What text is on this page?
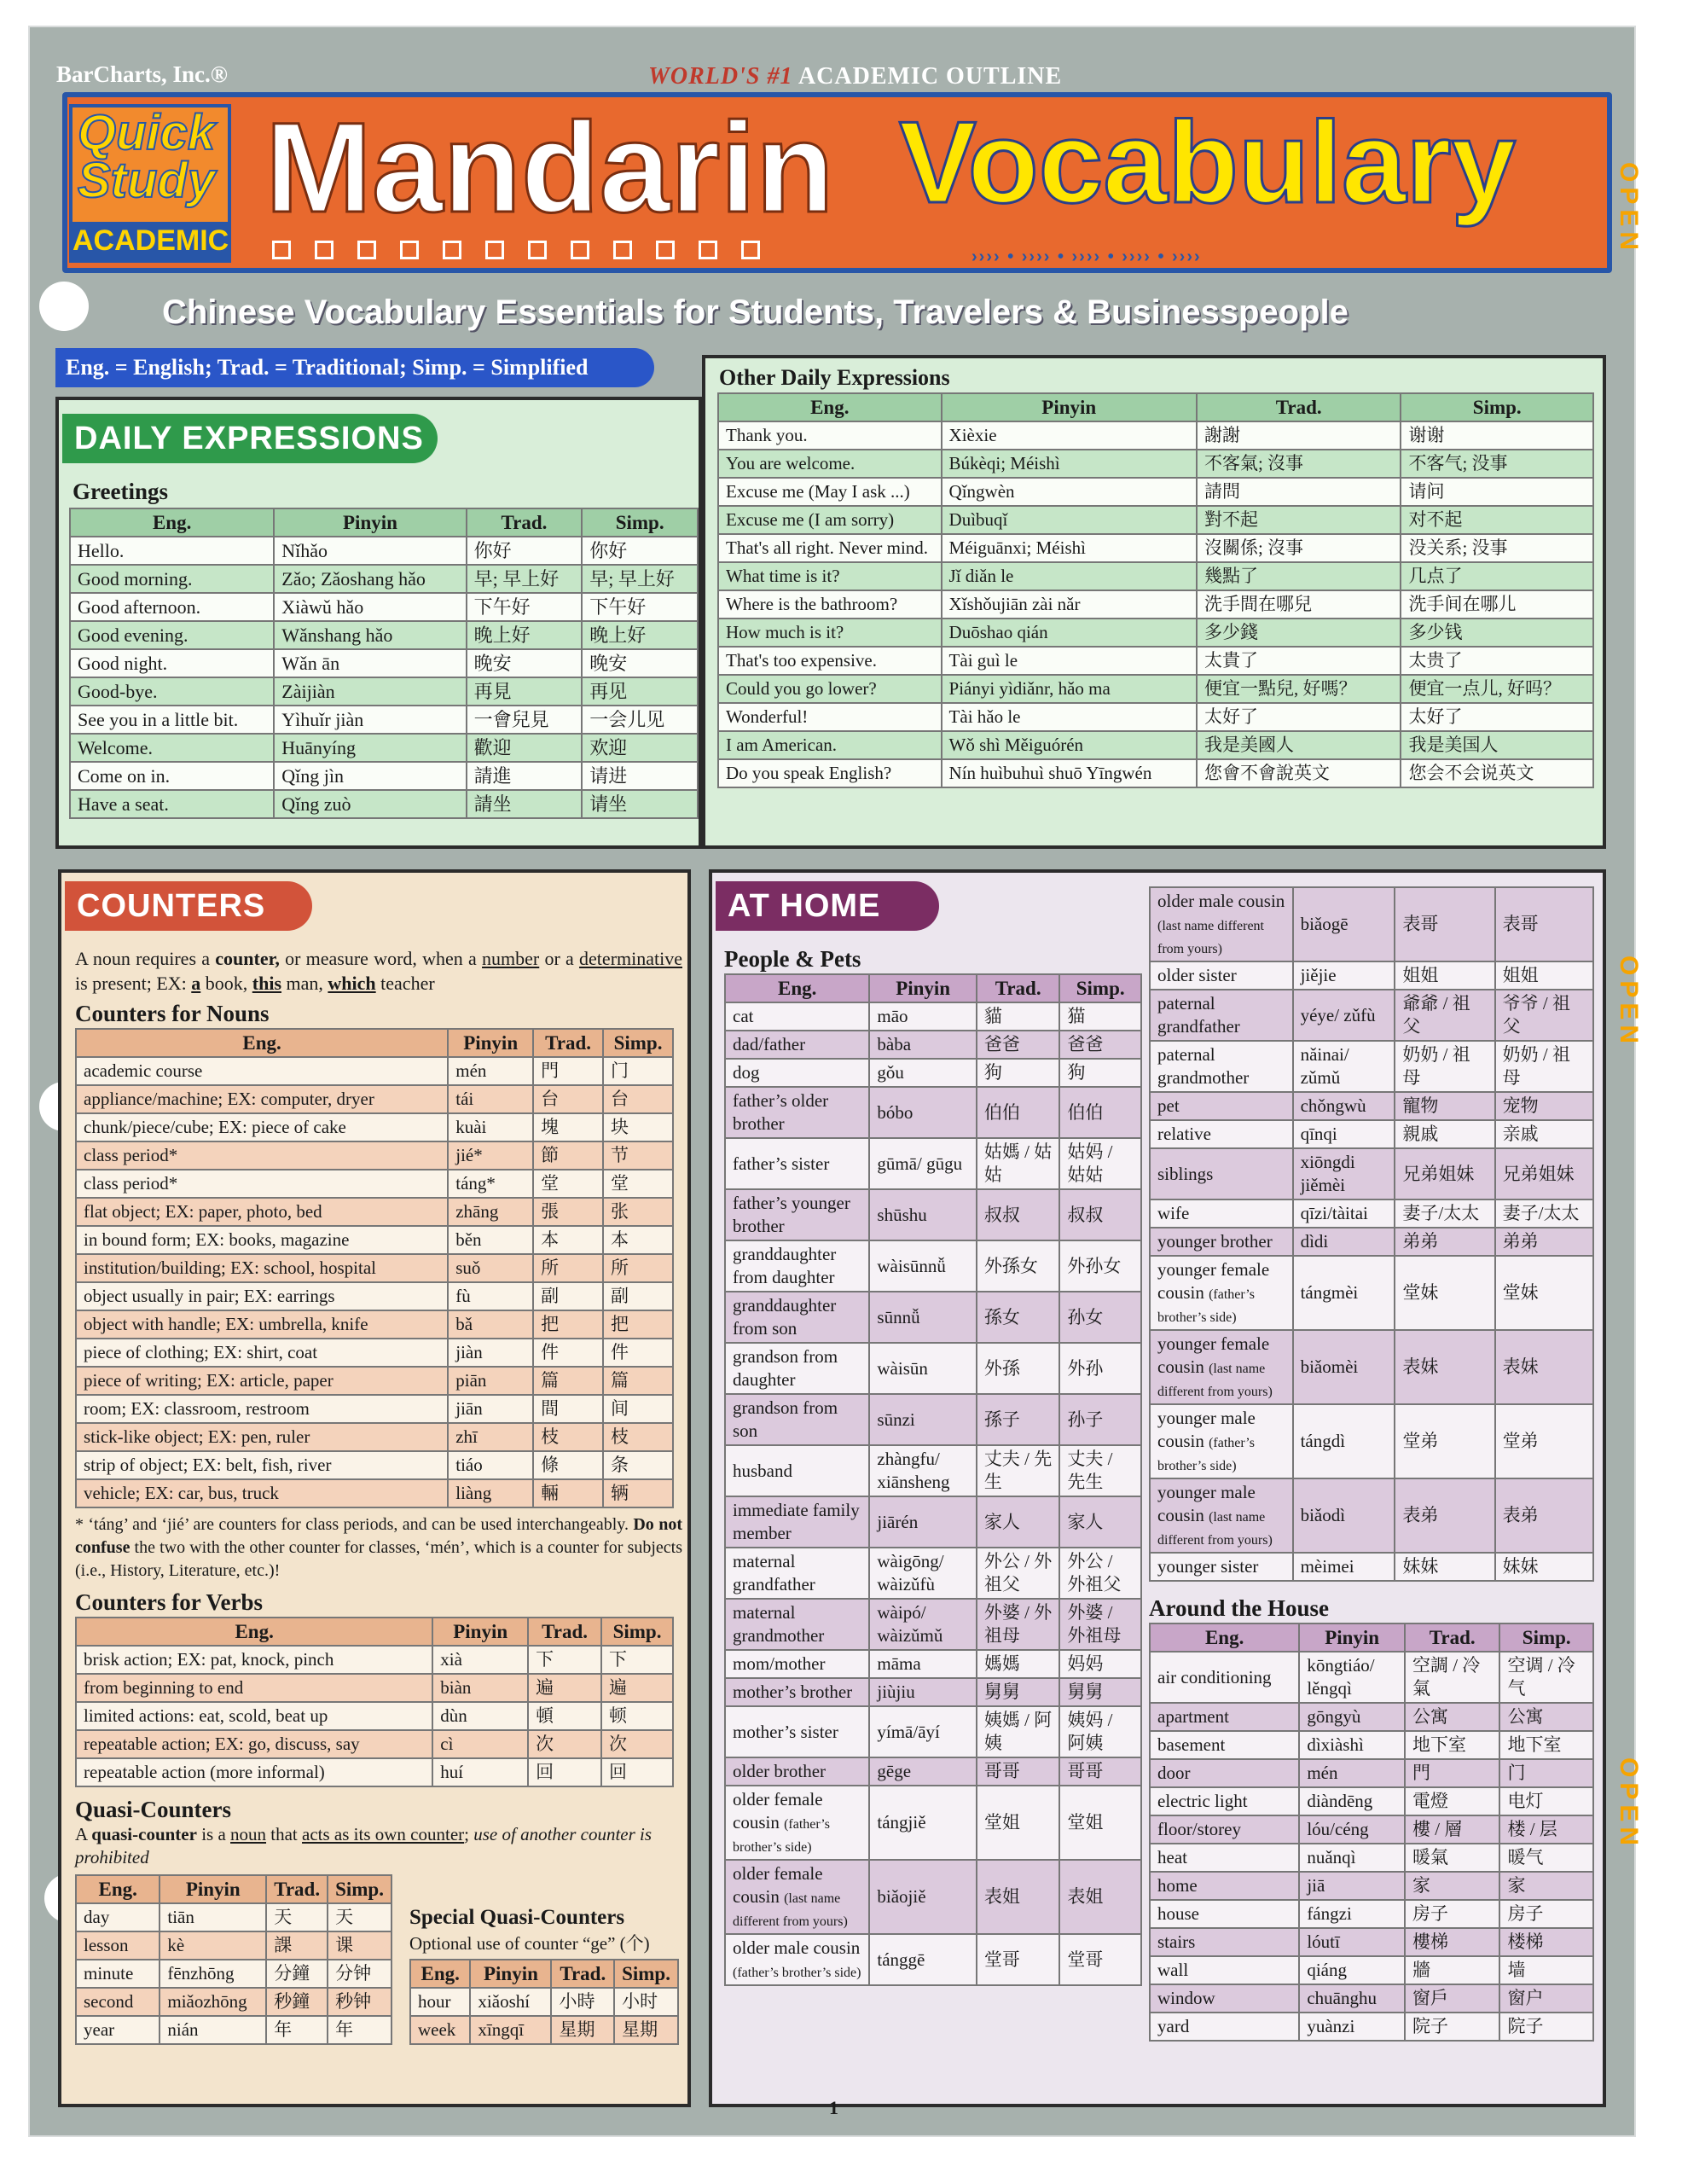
BarCharts, Inc.®	WORLD'S #1 ACADEMIC OUTLINE
Quick
Study
ACADEMIC
Mandarin Vocabulary
›››› • ›››› • ›››› • ›››› • ››››
Chinese Vocabulary Essentials for Students, Travelers & Businesspeople
Eng. = English; Trad. = Traditional; Simp. = Simplified
OPEN
OPEN
OPEN
DAILY EXPRESSIONS
Greetings
Eng.	Pinyin	Trad.	Simp.
Hello.	Nǐhǎo	你好	你好
Good morning.	Zǎo; Zǎoshang hǎo	早; 早上好	早; 早上好
Good afternoon.	Xiàwǔ hǎo	下午好	下午好
Good evening.	Wǎnshang hǎo	晚上好	晚上好
Good night.	Wǎn ān	晚安	晚安
Good-bye.	Zàijiàn	再見	再见
See you in a little bit.	Yìhuǐr jiàn	一會兒見	一会儿见
Welcome.	Huānyíng	歡迎	欢迎
Come on in.	Qǐng jìn	請進	请进
Have a seat.	Qǐng zuò	請坐	请坐
Other Daily Expressions
Eng.	Pinyin	Trad.	Simp.
Thank you.	Xièxie	謝謝	谢谢
You are welcome.	Búkèqi; Méishì	不客氣; 沒事	不客气; 没事
Excuse me (May I ask ...)	Qǐngwèn	請問	请问
Excuse me (I am sorry)	Duìbuqǐ	對不起	对不起
That's all right. Never mind.	Méiguānxi; Méishì	沒關係; 沒事	没关系; 没事
What time is it?	Jǐ diǎn le	幾點了	几点了
Where is the bathroom?	Xǐshǒujiān zài nǎr	洗手間在哪兒	洗手间在哪儿
How much is it?	Duōshao qián	多少錢	多少钱
That's too expensive.	Tài guì le	太貴了	太贵了
Could you go lower?	Piányi yìdiǎnr, hǎo ma	便宜一點兒, 好嗎？	便宜一点儿, 好吗？
Wonderful!	Tài hǎo le	太好了	太好了
I am American.	Wǒ shì Měiguórén	我是美國人	我是美国人
Do you speak English?	Nín huìbuhuì shuō Yīngwén	您會不會說英文	您会不会说英文
COUNTERS
A noun requires a counter, or measure word, when a number or a determinative is present; EX: a book, this man, which teacher
Counters for Nouns
Eng.	Pinyin	Trad.	Simp.
academic course	mén	門	门
appliance/machine; EX: computer, dryer	tái	台	台
chunk/piece/cube; EX: piece of cake	kuài	塊	块
class period*	jié*	節	节
class period*	táng*	堂	堂
flat object; EX: paper, photo, bed	zhāng	張	张
in bound form; EX: books, magazine	běn	本	本
institution/building; EX: school, hospital	suǒ	所	所
object usually in pair; EX: earrings	fù	副	副
object with handle; EX: umbrella, knife	bǎ	把	把
piece of clothing; EX: shirt, coat	jiàn	件	件
piece of writing; EX: article, paper	piān	篇	篇
room; EX: classroom, restroom	jiān	間	间
stick-like object; EX: pen, ruler	zhī	枝	枝
strip of object; EX: belt, fish, river	tiáo	條	条
vehicle; EX: car, bus, truck	liàng	輛	辆
* ‘táng’ and ‘jié’ are counters for class periods, and can be used interchangeably. Do not confuse the two with the other counter for classes, ‘mén’, which is a counter for subjects (i.e., History, Literature, etc.)!
Counters for Verbs
Eng.	Pinyin	Trad.	Simp.
brisk action; EX: pat, knock, pinch	xià	下	下
from beginning to end	biàn	遍	遍
limited actions: eat, scold, beat up	dùn	頓	顿
repeatable action; EX: go, discuss, say	cì	次	次
repeatable action (more informal)	huí	回	回
Quasi-Counters
A quasi-counter is a noun that acts as its own counter; use of another counter is prohibited
Eng.	Pinyin	Trad.	Simp.
day	tiān	天	天
lesson	kè	課	课
minute	fēnzhōng	分鐘	分钟
second	miǎozhōng	秒鐘	秒钟
year	nián	年	年
Special Quasi-Counters
Optional use of counter “ge” (个)
Eng.	Pinyin	Trad.	Simp.
hour	xiǎoshí	小時	小时
week	xīngqī	星期	星期
AT HOME
People & Pets
Eng.	Pinyin	Trad.	Simp.
cat	māo	貓	猫
dad/father	bàba	爸爸	爸爸
dog	gǒu	狗	狗
father’s older brother	bóbo	伯伯	伯伯
father’s sister	gūmā/ gūgu	姑媽 / 姑姑	姑妈 / 姑姑
father’s younger brother	shūshu	叔叔	叔叔
granddaughter from daughter	wàisūnnǚ	外孫女	外孙女
granddaughter from son	sūnnǚ	孫女	孙女
grandson from daughter	wàisūn	外孫	外孙
grandson from son	sūnzi	孫子	孙子
husband	zhàngfu/ xiānsheng	丈夫 / 先生	丈夫 / 先生
immediate family member	jiārén	家人	家人
maternal grandfather	wàigōng/ wàizǔfù	外公 / 外祖父	外公 / 外祖父
maternal grandmother	wàipó/ wàizǔmǔ	外婆 / 外祖母	外婆 / 外祖母
mom/mother	māma	媽媽	妈妈
mother’s brother	jiùjiu	舅舅	舅舅
mother’s sister	yímā/āyí	姨媽 / 阿姨	姨妈 / 阿姨
older brother	gēge	哥哥	哥哥
older female cousin (father’s brother’s side)	tángjiě	堂姐	堂姐
older female cousin (last name different from yours)	biǎojiě	表姐	表姐
older male cousin (father’s brother’s side)	tánggē	堂哥	堂哥
older male cousin (last name different from yours)	biǎogē	表哥	表哥
older sister	jiějie	姐姐	姐姐
paternal grandfather	yéye/ zǔfù	爺爺 / 祖父	爷爷 / 祖父
paternal grandmother	nǎinai/ zǔmǔ	奶奶 / 祖母	奶奶 / 祖母
pet	chǒngwù	寵物	宠物
relative	qīnqi	親戚	亲戚
siblings	xiōngdi jiěmèi	兄弟姐妹	兄弟姐妹
wife	qīzi/tàitai	妻子/太太	妻子/太太
younger brother	dìdi	弟弟	弟弟
younger female cousin (father’s brother’s side)	tángmèi	堂妹	堂妹
younger female cousin (last name different from yours)	biǎomèi	表妹	表妹
younger male cousin (father’s brother’s side)	tángdì	堂弟	堂弟
younger male cousin (last name different from yours)	biǎodì	表弟	表弟
younger sister	mèimei	妹妹	妹妹
Around the House
Eng.	Pinyin	Trad.	Simp.
air conditioning	kōngtiáo/ lěngqì	空調 / 冷氣	空调 / 冷气
apartment	gōngyù	公寓	公寓
basement	dìxiàshì	地下室	地下室
door	mén	門	门
electric light	diàndēng	電燈	电灯
floor/storey	lóu/céng	樓 / 層	楼 / 层
heat	nuǎnqì	暖氣	暖气
home	jiā	家	家
house	fángzi	房子	房子
stairs	lóutī	樓梯	楼梯
wall	qiáng	牆	墙
window	chuānghu	窗戶	窗户
yard	yuànzi	院子	院子
1
